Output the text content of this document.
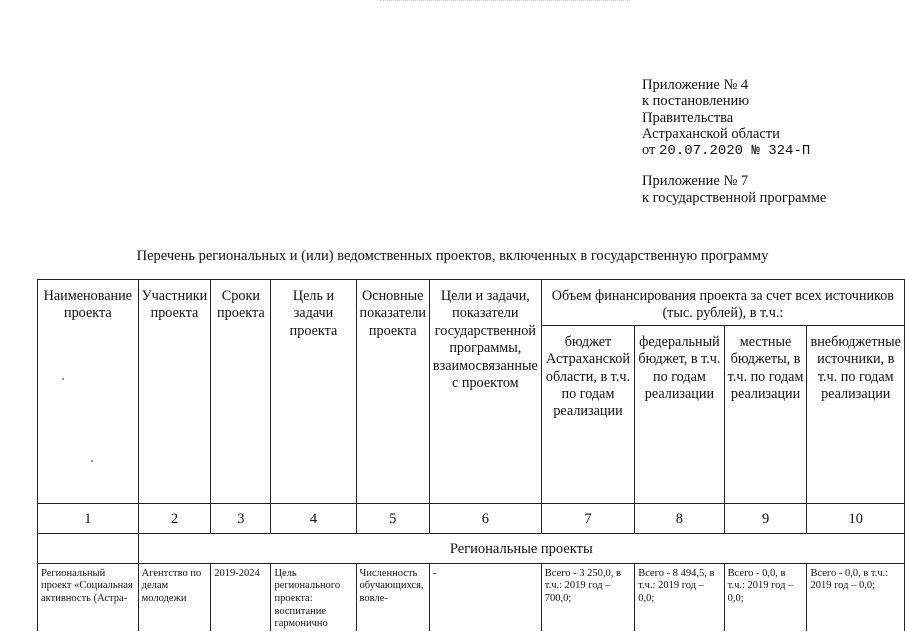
Приложение № 4
к постановлению
Правительства
Астраханской области
от 20.07.2020 № 324-П
Приложение № 7
к государственной программе
Перечень региональных и (или) ведомственных проектов, включенных в государственную программу
Наименование проекта	Участники проекта	Сроки проекта	Цель и задачи проекта	Основные показатели проекта	Цели и задачи, показатели государственной программы, взаимосвязанные с проектом	Объем финансирования проекта за счет всех источников (тыс. рублей), в т.ч.:			
						бюджет Астраханской области, в т.ч. по годам реализации	федеральный бюджет, в т.ч. по годам реализации	местные бюджеты, в т.ч. по годам реализации	внебюджетные источники, в т.ч. по годам реализации
1	2	3	4	5	6	7	8	9	10
	Региональные проекты								
Региональный проект «Социальная активность (Астра-	Агентство по делам молодежи	2019-2024	Цель регионального проекта: воспитание гармонично	Численность обучающихся, вовле-	-	Всего - 3 250,0, в т.ч.: 2019 год – 700,0;	Всего - 8 494,5, в т.ч.: 2019 год – 0,0;	Всего - 0,0, в т.ч.: 2019 год – 0,0;	Всего - 0,0, в т.ч.: 2019 год – 0,0;
